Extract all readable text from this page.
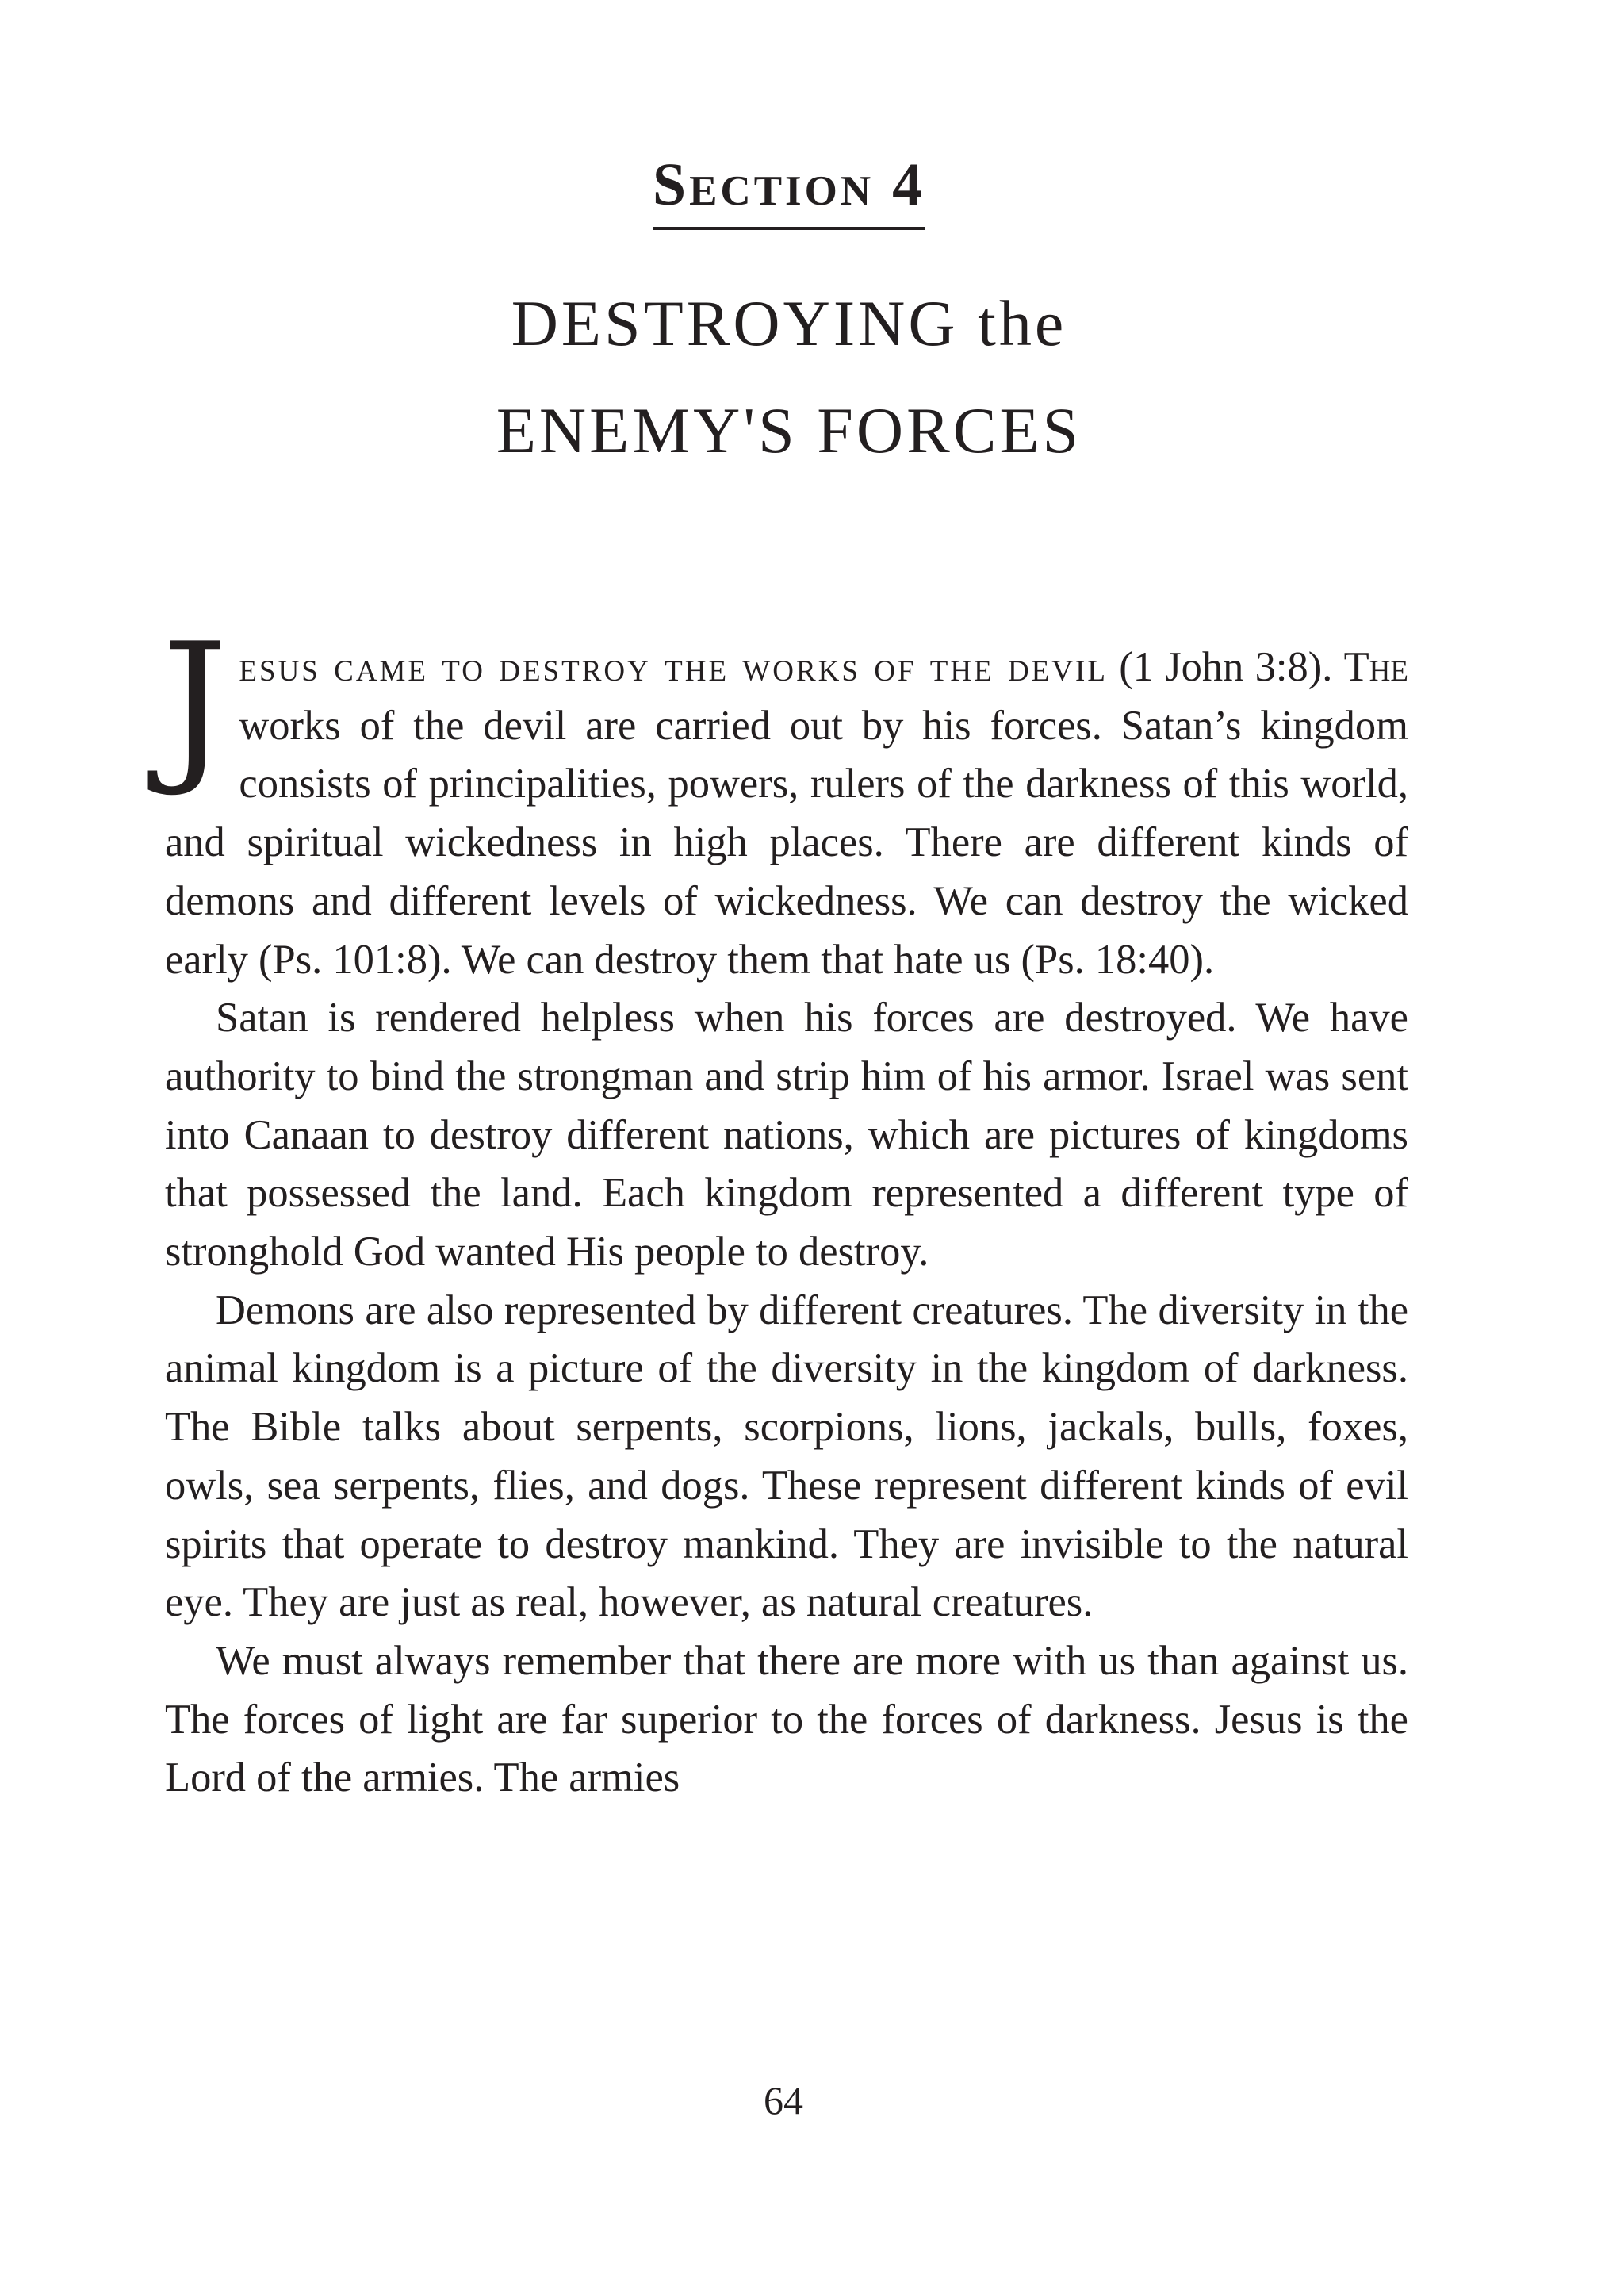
Section 4
DESTROYING the
ENEMY'S FORCES

Jesus came to destroy the works of the devil (1 John 3:8). The works of the devil are carried out by his forces. Satan’s kingdom consists of principalities, powers, rulers of the darkness of this world, and spiritual wickedness in high places. There are different kinds of demons and different levels of wickedness. We can destroy the wicked early (Ps. 101:8). We can destroy them that hate us (Ps. 18:40).

Satan is rendered helpless when his forces are destroyed. We have authority to bind the strongman and strip him of his armor. Israel was sent into Canaan to destroy different nations, which are pictures of kingdoms that possessed the land. Each kingdom represented a different type of stronghold God wanted His people to destroy.

Demons are also represented by different creatures. The diversity in the animal kingdom is a picture of the diversity in the kingdom of darkness. The Bible talks about serpents, scorpions, lions, jackals, bulls, foxes, owls, sea serpents, flies, and dogs. These represent different kinds of evil spirits that operate to destroy mankind. They are invisible to the natural eye. They are just as real, however, as natural creatures.

We must always remember that there are more with us than against us. The forces of light are far superior to the forces of darkness. Jesus is the Lord of the armies. The armies

64
